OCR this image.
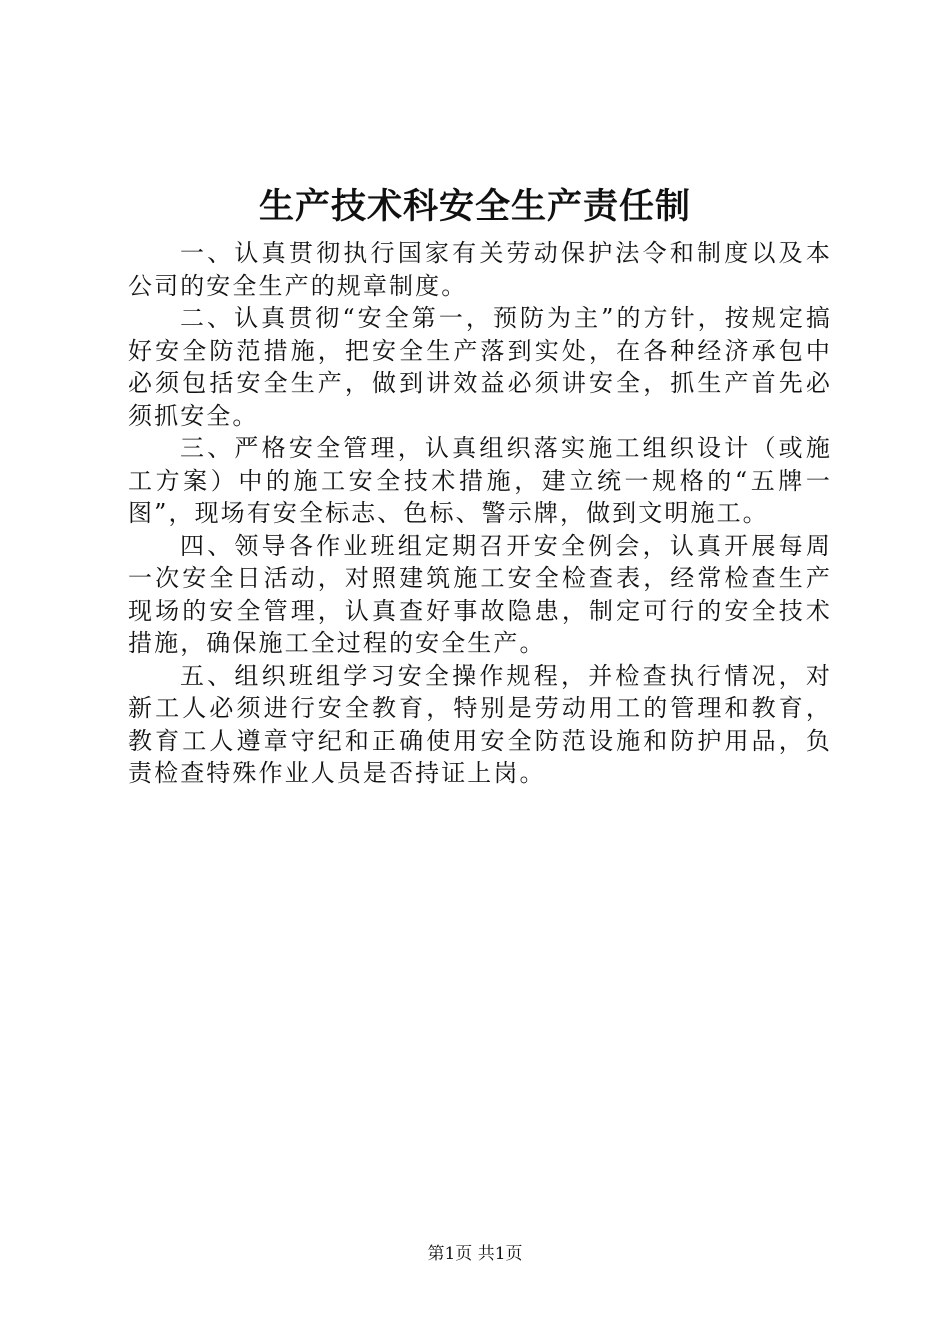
生产技术科安全生产责任制

一、认真贯彻执行国家有关劳动保护法令和制度以及本公司的安全生产的规章制度。

二、认真贯彻“安全第一，预防为主”的方针，按规定搞好安全防范措施，把安全生产落到实处，在各种经济承包中必须包括安全生产，做到讲效益必须讲安全，抓生产首先必须抓安全。

三、严格安全管理，认真组织落实施工组织设计（或施工方案）中的施工安全技术措施，建立统一规格的“五牌一图”，现场有安全标志、色标、警示牌，做到文明施工。

四、领导各作业班组定期召开安全例会，认真开展每周一次安全日活动，对照建筑施工安全检查表，经常检查生产现场的安全管理，认真查好事故隐患，制定可行的安全技术措施，确保施工全过程的安全生产。

五、组织班组学习安全操作规程，并检查执行情况，对新工人必须进行安全教育，特别是劳动用工的管理和教育，教育工人遵章守纪和正确使用安全防范设施和防护用品，负责检查特殊作业人员是否持证上岗。

第1页 共1页
